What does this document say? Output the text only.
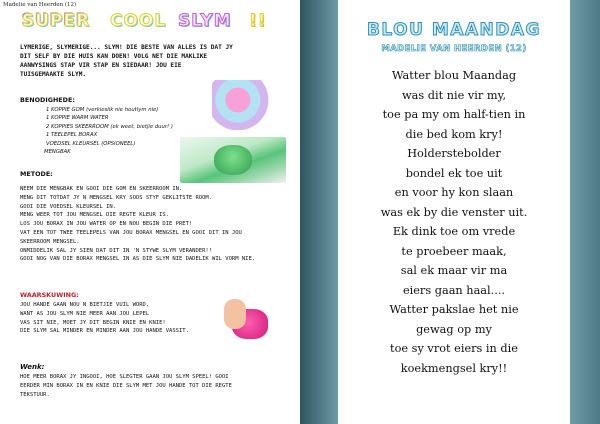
Madelie van Heerden (12)
SUPER COOL SLYM !!
LYMERIGE, SLYMERIGE... SLYM! DIE BESTE VAN ALLES IS DAT JY
DIT SELF BY DIE HUIS KAN DOEN! VOLG NET DIE MAKLIKE
AANWYSINGS STAP VIR STAP EN SIEDAAR! JOU EIE
TUISGEMAAKTE SLYM.
BENODIGHEDE:
1 KOPPIE GOM (verkieslik nie houtlym nie)
1 KOPPIE WARM WATER
2 KOPPIES SKEERROOM (ek weet, bietjie duur! )
1 TEELEPEL BORAX
VOEDSEL KLEURSEL (OPSIONEEL)
MENGBAK
METODE:
NEEM DIE MENGBAK EN GOOI DIE GOM EN SKEERROOM IN.
MENG DIT TOTDAT JY N MENGSEL KRY SOOS STYF GEKLITSTE ROOM.
GOOI DIE VOEDSEL KLEURSEL IN.
MENG WEER TOT JOU MENGSEL DIE REGTE KLEUR IS.
LOS JOU BORAX IN JOU WATER OP EN NOU BEGIN DIE PRET!
VAT EEN TOT TWEE TEELEPELS VAN JOU BORAX MENGSEL EN GOOI DIT IN JOU
SKEERROOM MENGSEL.
ONMIDDELIK SAL JY SIEN DAT DIT IN 'N STYWE SLYM VERANDER!!
GOOI NOG VAN DIE BORAX MENGSEL IN AS DIE SLYM NIE DADELIK WIL VORM NIE.
WAARSKUWING:
JOU HANDE GAAN NOU N BIETJIE VUIL WORD,
WANT AS JOU SLYM NIE MEER AAN JOU LEPEL
VAS SIT NIE, MOET JY DIT BEGIN KNIE EN KNIE!
DIE SLYM SAL MINDER EN MINDER AAN JOU HANDE VASSIT.
Wenk:
HOE MEER BORAX JY INGOOI, HOE SLEGTER GAAN JOU SLYM SPEEL! GOOI
EERDER MIN BORAX IN EN KNIE DIE SLYM MET JOU HANDE TOT DIE REGTE
TEKSTUUR.
BLOU MAANDAG
MADELIE VAN HEERDEN (12)
Watter blou Maandag
was dit nie vir my,
toe pa my om half-tien in
die bed kom kry!
Holderstebolder
bondel ek toe uit
en voor hy kon slaan
was ek by die venster uit.
Ek dink toe om vrede
te proebeer maak,
sal ek maar vir ma
eiers gaan haal....
Watter pakslae het nie
gewag op my
toe sy vrot eiers in die
koekmengsel kry!!
